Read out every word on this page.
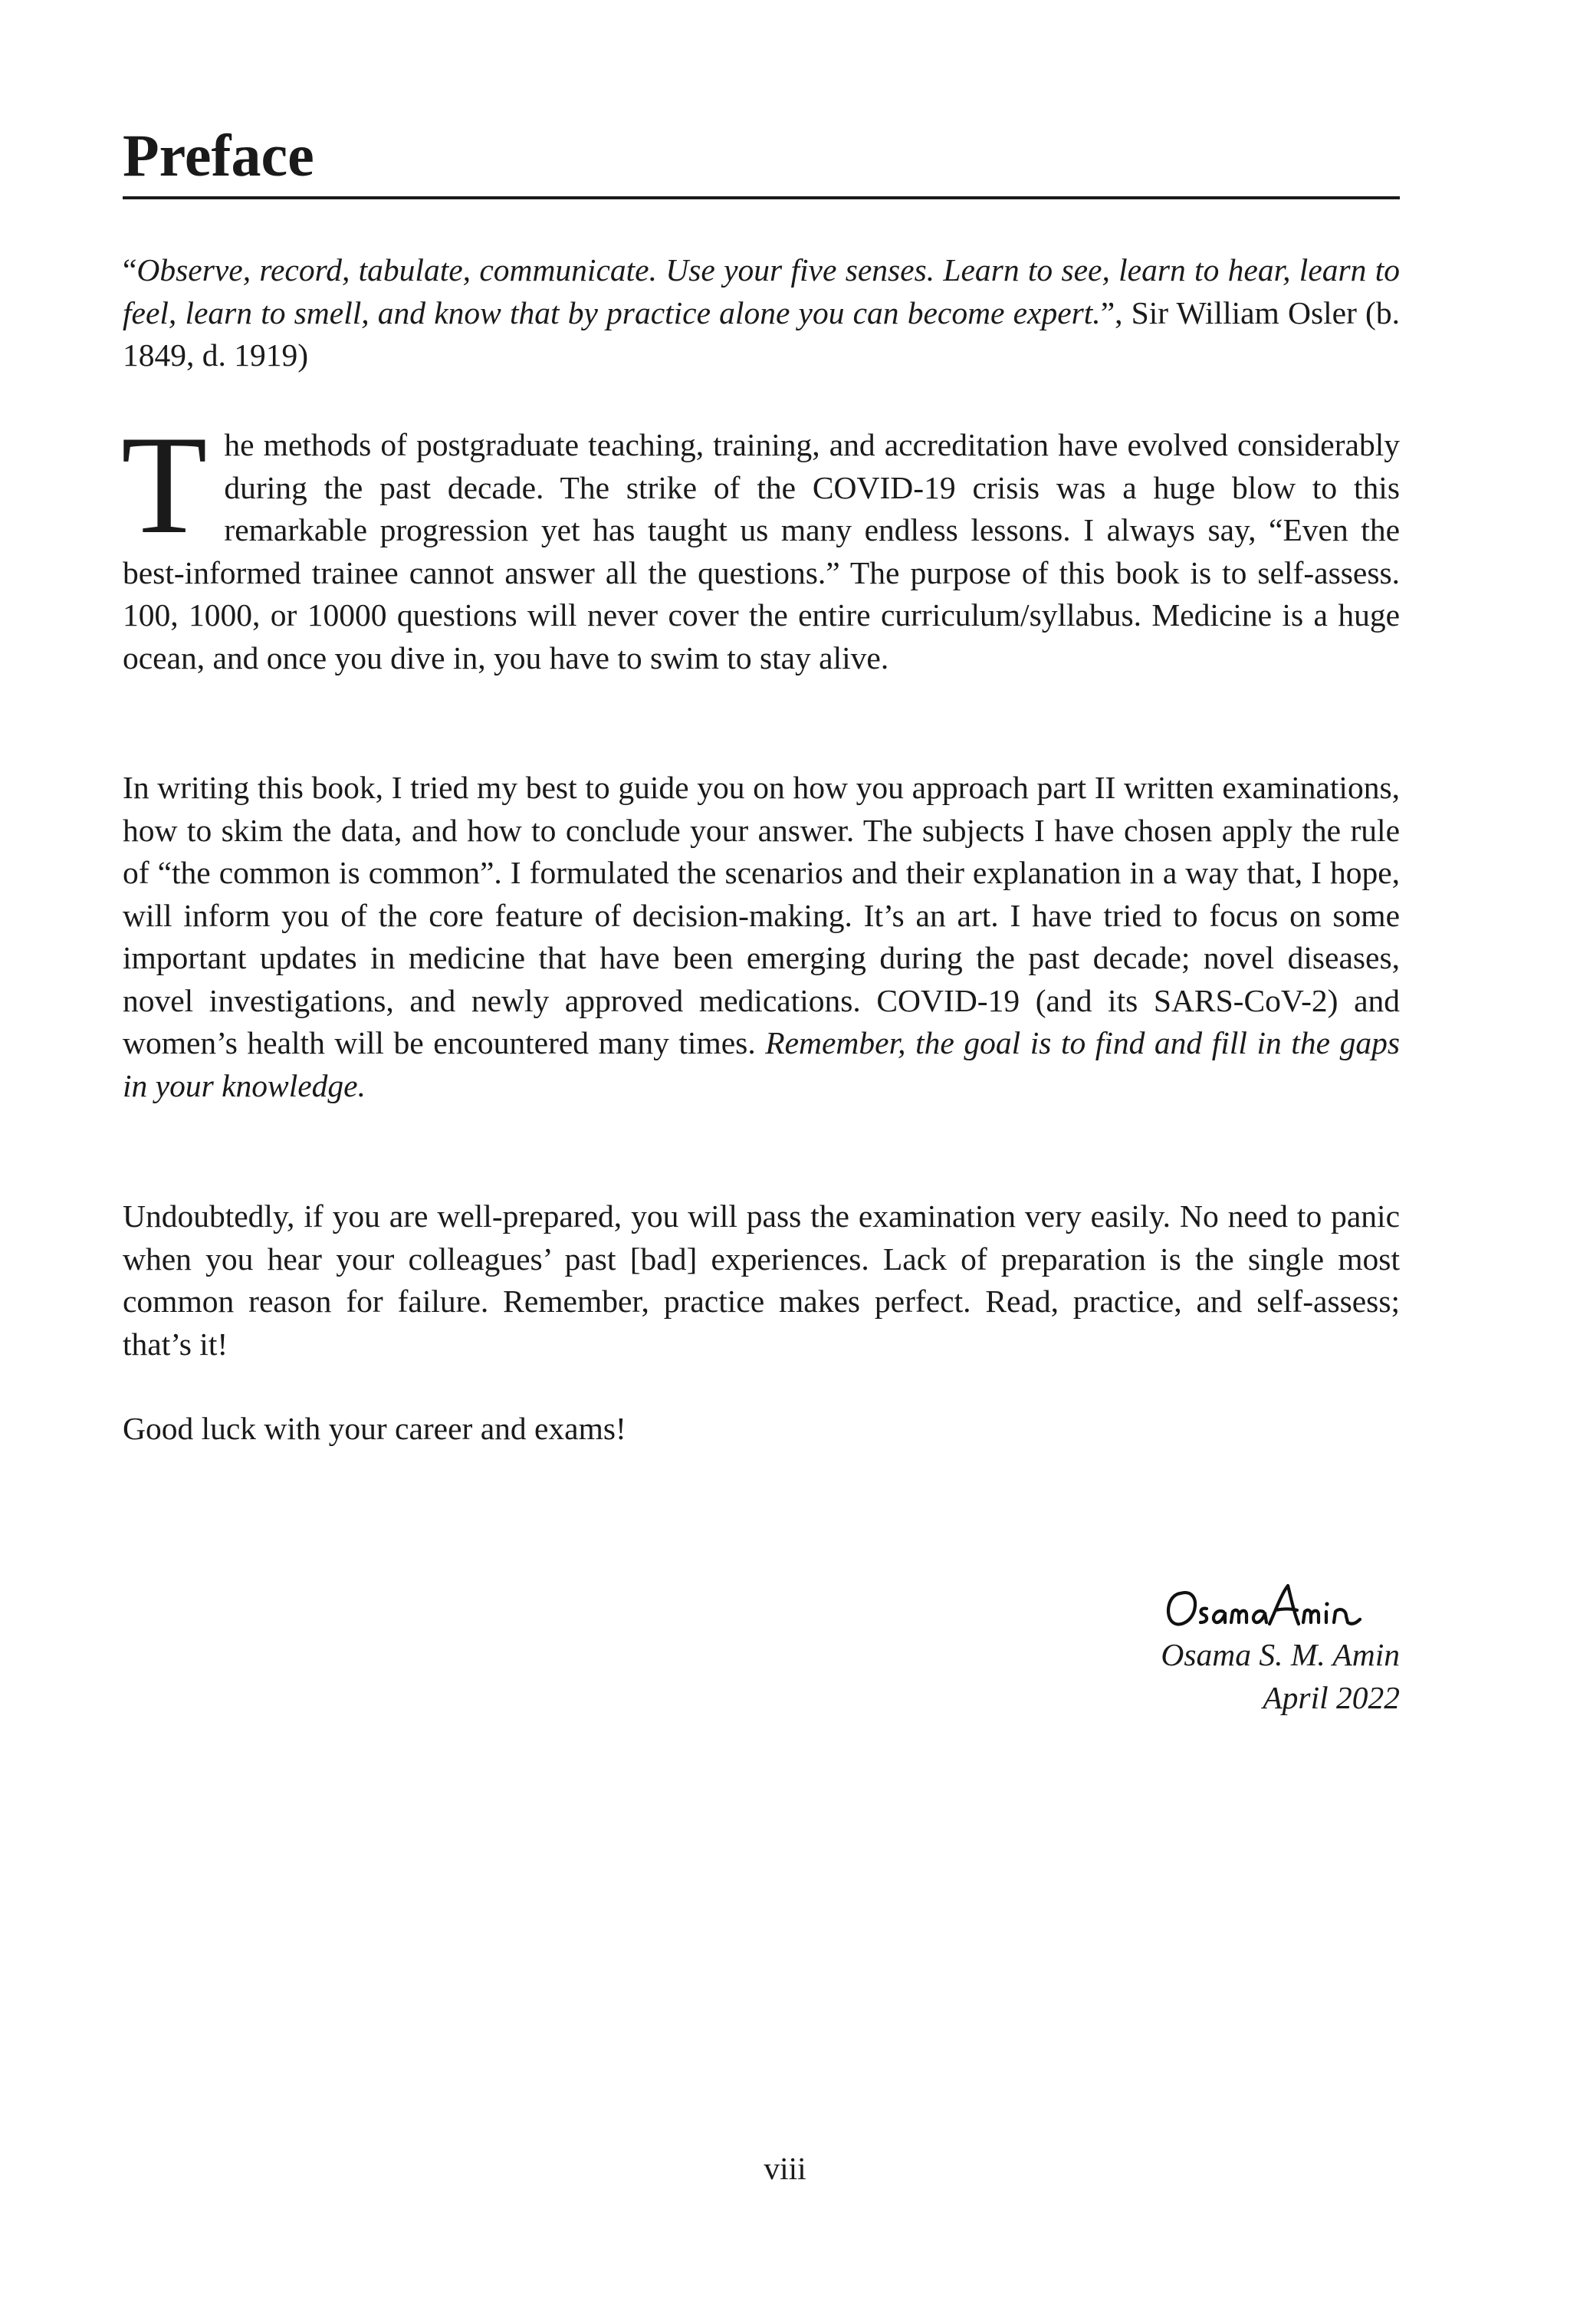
Preface

“Observe, record, tabulate, communicate. Use your five senses. Learn to see, learn to hear, learn to feel, learn to smell, and know that by practice alone you can become expert.”, Sir William Osler (b. 1849, d. 1919)

The methods of postgraduate teaching, training, and accreditation have evolved considerably during the past decade. The strike of the COVID-19 crisis was a huge blow to this remarkable progression yet has taught us many endless lessons. I always say, “Even the best-informed trainee cannot answer all the questions.” The purpose of this book is to self-assess. 100, 1000, or 10000 questions will never cover the entire curriculum/syllabus. Medicine is a huge ocean, and once you dive in, you have to swim to stay alive.

In writing this book, I tried my best to guide you on how you approach part II written examinations, how to skim the data, and how to conclude your answer. The subjects I have chosen apply the rule of “the common is common”. I formulated the scenarios and their explanation in a way that, I hope, will inform you of the core feature of decision-making. It’s an art. I have tried to focus on some important updates in medicine that have been emerging during the past decade; novel diseases, novel investigations, and newly approved medications. COVID-19 (and its SARS-CoV-2) and women’s health will be encountered many times. Remember, the goal is to find and fill in the gaps in your knowledge.

Undoubtedly, if you are well-prepared, you will pass the examination very easily. No need to panic when you hear your colleagues’ past [bad] experiences. Lack of preparation is the single most common reason for failure. Remember, practice makes perfect. Read, practice, and self-assess; that’s it!

Good luck with your career and exams!

Osama S. M. Amin
April 2022
viii
